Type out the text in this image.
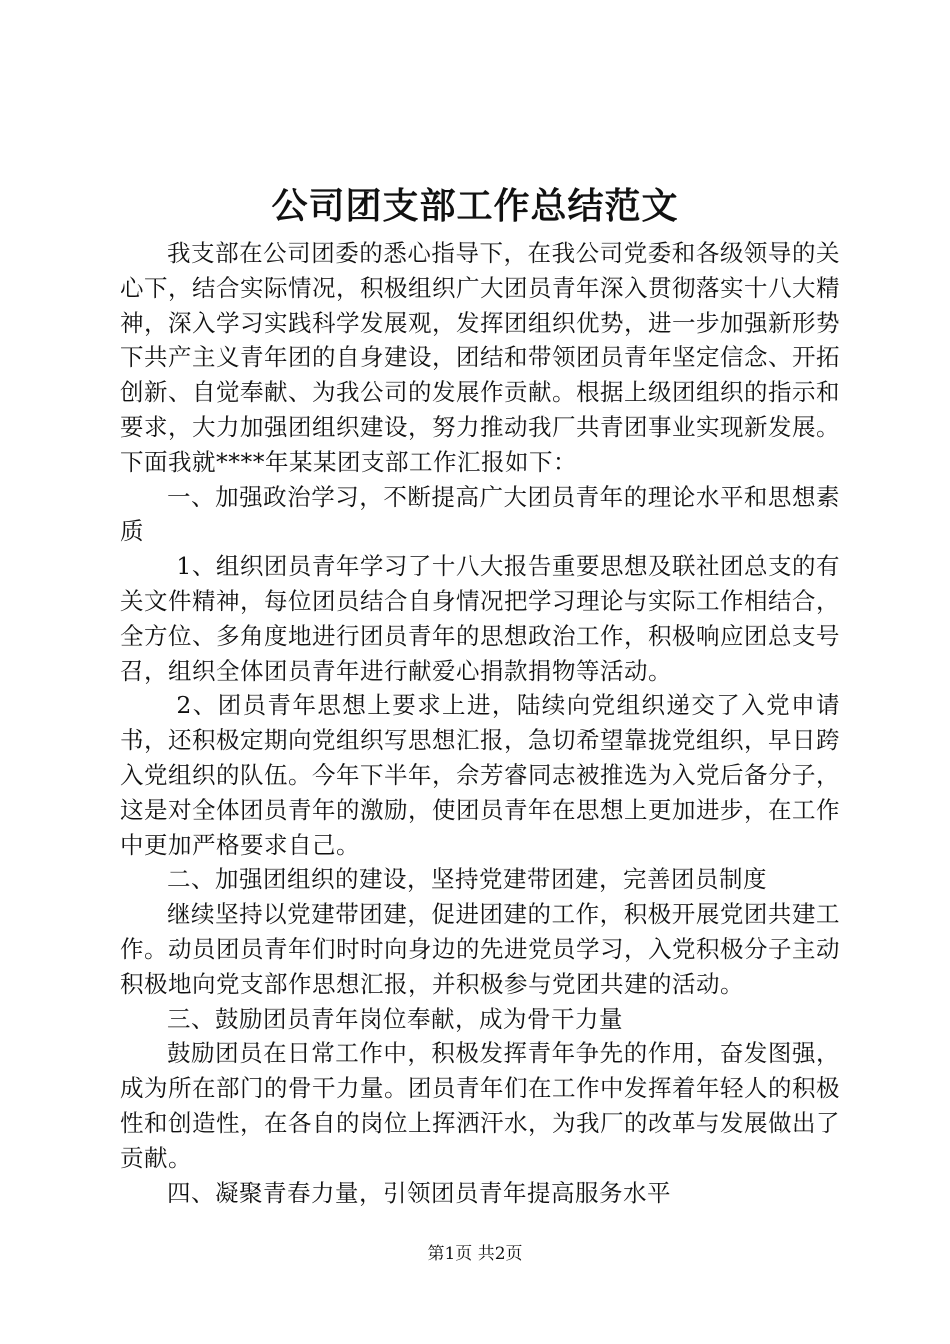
公司团支部工作总结范文

我支部在公司团委的悉心指导下，在我公司党委和各级领导的关心下，结合实际情况，积极组织广大团员青年深入贯彻落实十八大精神，深入学习实践科学发展观，发挥团组织优势，进一步加强新形势下共产主义青年团的自身建设，团结和带领团员青年坚定信念、开拓创新、自觉奉献、为我公司的发展作贡献。根据上级团组织的指示和要求，大力加强团组织建设，努力推动我厂共青团事业实现新发展。下面我就****年某某团支部工作汇报如下：

一、加强政治学习，不断提高广大团员青年的理论水平和思想素质

1、组织团员青年学习了十八大报告重要思想及联社团总支的有关文件精神，每位团员结合自身情况把学习理论与实际工作相结合，全方位、多角度地进行团员青年的思想政治工作，积极响应团总支号召，组织全体团员青年进行献爱心捐款捐物等活动。

2、团员青年思想上要求上进，陆续向党组织递交了入党申请书，还积极定期向党组织写思想汇报，急切希望靠拢党组织，早日跨入党组织的队伍。今年下半年，佘芳睿同志被推选为入党后备分子，这是对全体团员青年的激励，使团员青年在思想上更加进步，在工作中更加严格要求自己。

二、加强团组织的建设，坚持党建带团建，完善团员制度

继续坚持以党建带团建，促进团建的工作，积极开展党团共建工作。动员团员青年们时时向身边的先进党员学习，入党积极分子主动积极地向党支部作思想汇报，并积极参与党团共建的活动。

三、鼓励团员青年岗位奉献，成为骨干力量

鼓励团员在日常工作中，积极发挥青年争先的作用，奋发图强，成为所在部门的骨干力量。团员青年们在工作中发挥着年轻人的积极性和创造性，在各自的岗位上挥洒汗水，为我厂的改革与发展做出了贡献。

四、凝聚青春力量，引领团员青年提高服务水平

第1页 共2页
